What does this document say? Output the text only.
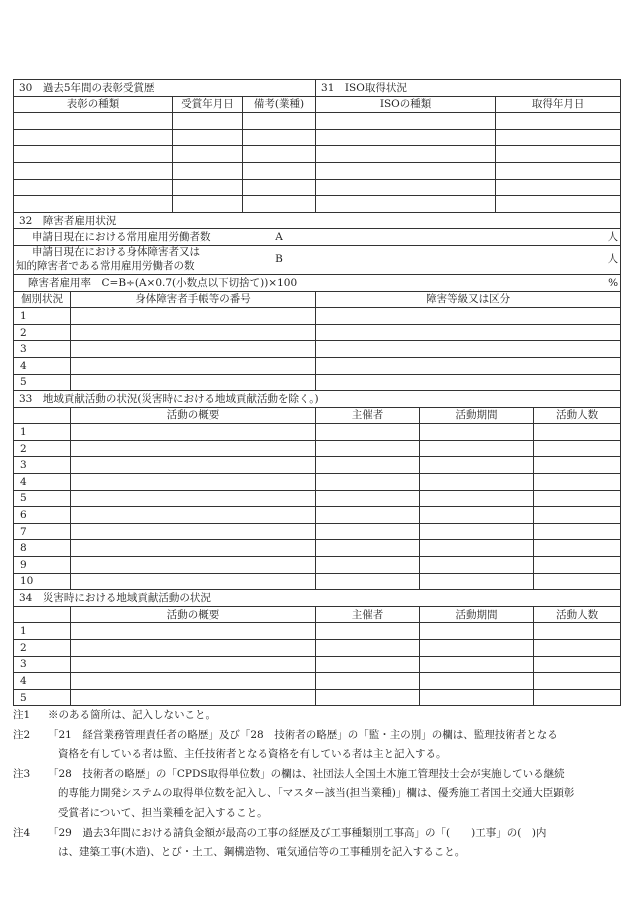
30　過去5年間の表彰受賞歴				31　ISO取得状況			
表彰の種類		受賞年月日	備考(業種)	ISOの種類		取得年月日	

32　障害者雇用状況							
申請日現在における常用雇用労働者数			A	人			

申請日現在における身体障害者又は
知的障害者である常用雇用労働者の数			B	人			
障害者雇用率　C=B÷(A×0.7(小数点以下切捨て))×100				%			
個別状況	身体障害者手帳等の番号			障害等級又は区分			
1							
2							
3							
4							
5							
33　地域貢献活動の状況(災害時における地域貢献活動を除く。)							
	活動の概要			主催者	活動期間		活動人数
1							
2							
3							
4							
5							
6							
7							
8							
9							
10							
34　災害時における地域貢献活動の状況							
	活動の概要			主催者	活動期間		活動人数
1							
2							
3							
4							
5							
注1	※のある箇所は、記入しないこと。
注2	「21　経営業務管理責任者の略歴」及び「28　技術者の略歴」の「監・主の別」の欄は、監理技術者となる
資格を有している者は監、主任技術者となる資格を有している者は主と記入する。
注3	「28　技術者の略歴」の「CPDS取得単位数」の欄は、社団法人全国土木施工管理技士会が実施している継続
的専能力開発システムの取得単位数を記入し、「マスター該当(担当業種)」欄は、優秀施工者国土交通大臣顕彰
受賞者について、担当業種を記入すること。
注4	「29　過去3年間における請負金額が最高の工事の経歴及び工事種類別工事高」の「(　　)工事」の(　)内
は、建築工事(木造)、とび・土工、鋼構造物、電気通信等の工事種別を記入すること。
